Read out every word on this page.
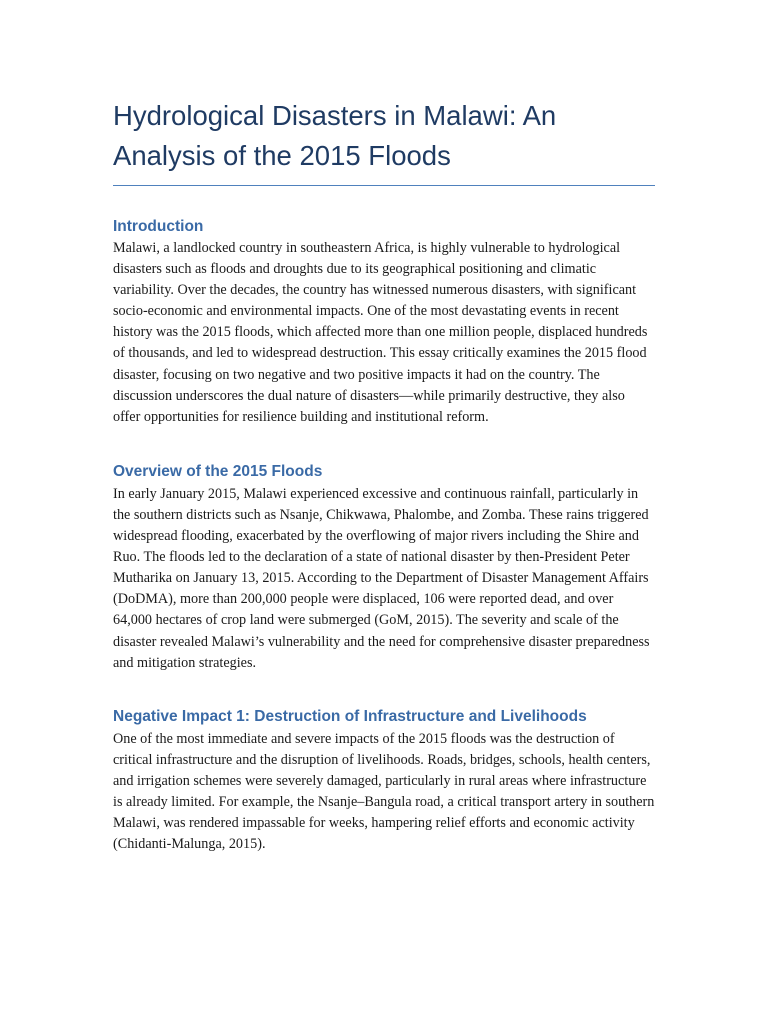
Hydrological Disasters in Malawi: An Analysis of the 2015 Floods
Introduction

Malawi, a landlocked country in southeastern Africa, is highly vulnerable to hydrological disasters such as floods and droughts due to its geographical positioning and climatic variability. Over the decades, the country has witnessed numerous disasters, with significant socio-economic and environmental impacts. One of the most devastating events in recent history was the 2015 floods, which affected more than one million people, displaced hundreds of thousands, and led to widespread destruction. This essay critically examines the 2015 flood disaster, focusing on two negative and two positive impacts it had on the country. The discussion underscores the dual nature of disasters—while primarily destructive, they also offer opportunities for resilience building and institutional reform.

Overview of the 2015 Floods

In early January 2015, Malawi experienced excessive and continuous rainfall, particularly in the southern districts such as Nsanje, Chikwawa, Phalombe, and Zomba. These rains triggered widespread flooding, exacerbated by the overflowing of major rivers including the Shire and Ruo. The floods led to the declaration of a state of national disaster by then-President Peter Mutharika on January 13, 2015. According to the Department of Disaster Management Affairs (DoDMA), more than 200,000 people were displaced, 106 were reported dead, and over 64,000 hectares of crop land were submerged (GoM, 2015). The severity and scale of the disaster revealed Malawi’s vulnerability and the need for comprehensive disaster preparedness and mitigation strategies.

Negative Impact 1: Destruction of Infrastructure and Livelihoods

One of the most immediate and severe impacts of the 2015 floods was the destruction of critical infrastructure and the disruption of livelihoods. Roads, bridges, schools, health centers, and irrigation schemes were severely damaged, particularly in rural areas where infrastructure is already limited. For example, the Nsanje–Bangula road, a critical transport artery in southern Malawi, was rendered impassable for weeks, hampering relief efforts and economic activity (Chidanti-Malunga, 2015).
